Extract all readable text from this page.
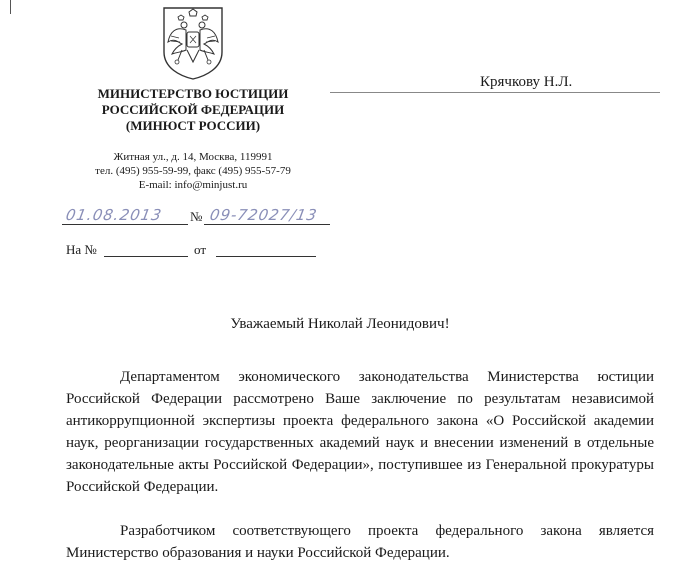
МИНИСТЕРСТВО ЮСТИЦИИ
РОССИЙСКОЙ ФЕДЕРАЦИИ
(МИНЮСТ РОССИИ)
Житная ул., д. 14, Москва, 119991
тел. (495) 955-59-99, факс (495) 955-57-79
E-mail: info@minjust.ru
Крячкову Н.Л.
01.08.2013 № 09-72027/13
На №	от
Уважаемый Николай Леонидович!
Департаментом экономического законодательства Министерства юстиции Российской Федерации рассмотрено Ваше заключение по результатам независимой антикоррупционной экспертизы проекта федерального закона «О Российской академии наук, реорганизации государственных академий наук и внесении изменений в отдельные законодательные акты Российской Федерации», поступившее из Генеральной прокуратуры Российской Федерации.
Разработчиком соответствующего проекта федерального закона является Министерство образования и науки Российской Федерации.
